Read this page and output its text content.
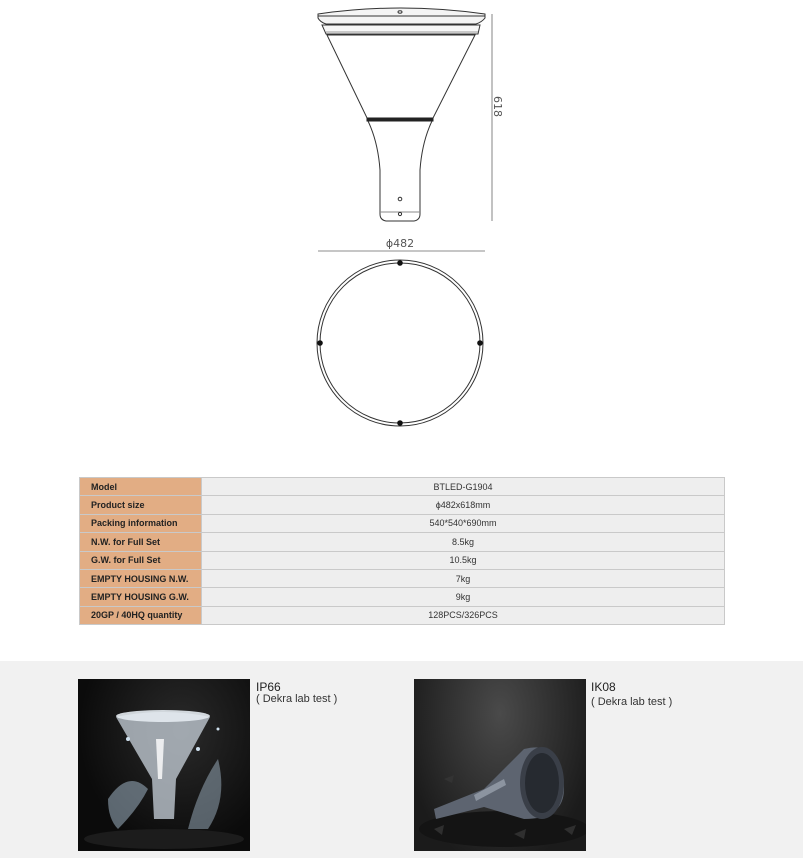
618
ϕ482
Model	BTLED-G1904
Product size	ϕ482x618mm
Packing information	540*540*690mm
N.W. for Full Set	8.5kg
G.W. for Full Set	10.5kg
EMPTY HOUSING N.W.	7kg
EMPTY HOUSING G.W.	9kg
20GP / 40HQ quantity	128PCS/326PCS
IP66
( Dekra lab test )
IK08
( Dekra lab test )
